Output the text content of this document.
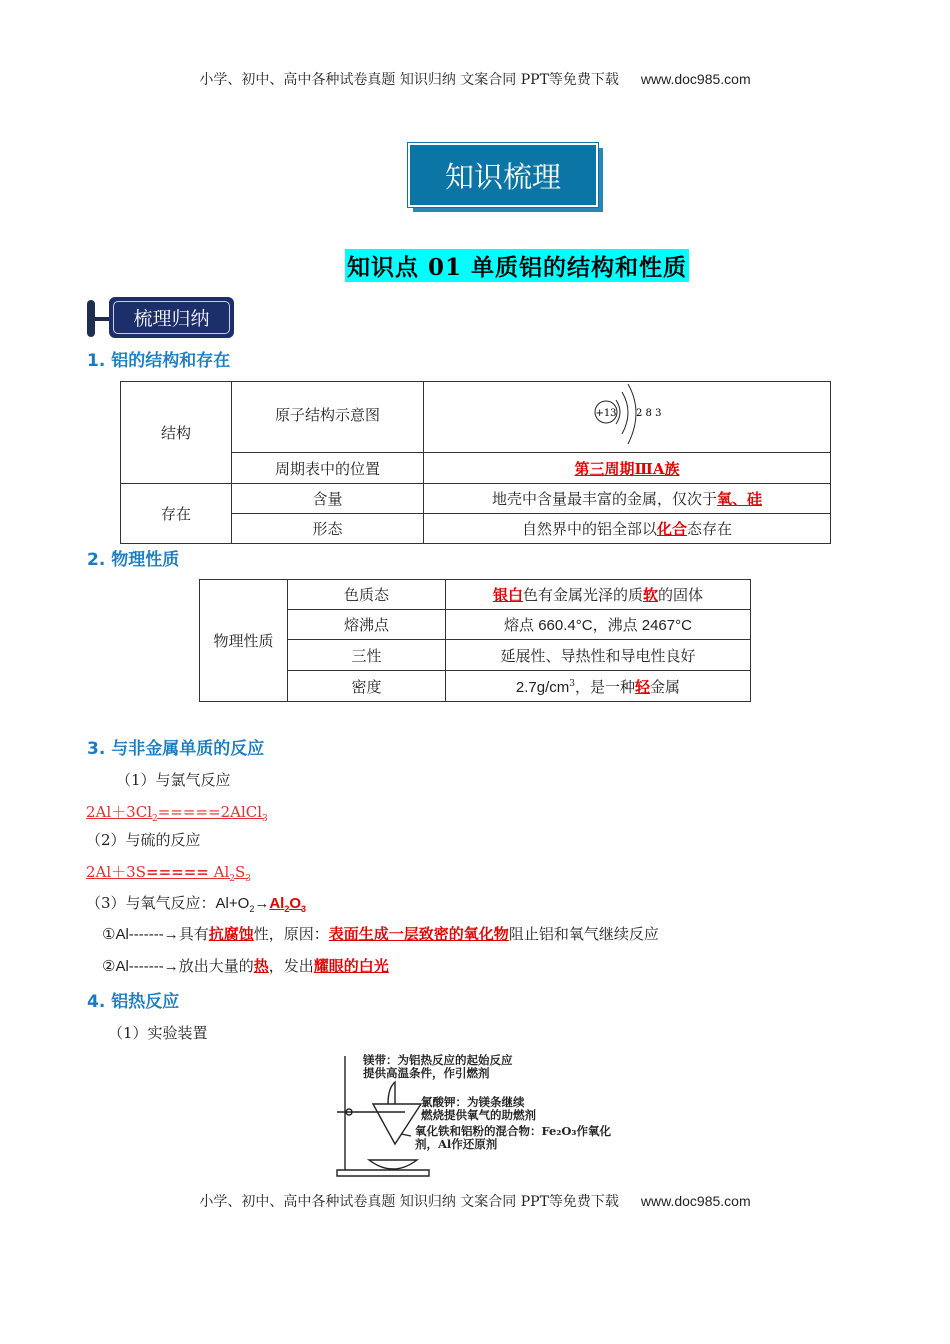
小学、初中、高中各种试卷真题 知识归纳 文案合同 PPT等免费下载 www.doc985.com
知识梳理
知识点 01 单质铝的结构和性质
梳理归纳
1. 铝的结构和存在
结构	原子结构示意图	+13 2 8 3

	周期表中的位置	第三周期ⅢA族
存在	含量	地壳中含量最丰富的金属，仅次于氧、硅
	形态	自然界中的铝全部以化合态存在
2. 物理性质
物理性质	色质态	银白色有金属光泽的质软的固体
	熔沸点	熔点 660.4°C，沸点 2467°C
	三性	延展性、导热性和导电性良好
	密度	$2.7g/cm^3$，是一种轻金属
3. 与非金属单质的反应
（1）与氯气反应
$2Al+3Cl_2=====2AlCl_3$
（2）与硫的反应
$2Al+3S===== Al_2S_3$
（3）与氧气反应：$Al+O_2\to Al_2O_3$
①Al-------→具有抗腐蚀性，原因：表面生成一层致密的氧化物阻止铝和氧气继续反应
②Al-------→放出大量的热，发出耀眼的白光
4. 铝热反应
（1）实验装置
镁带：为铝热反应的起始反应
提供高温条件，作引燃剂
氯酸钾：为镁条继续
燃烧提供氧气的助燃剂
氧化铁和铝粉的混合物：Fe₂O₃作氧化
剂，Al作还原剂
小学、初中、高中各种试卷真题 知识归纳 文案合同 PPT等免费下载 www.doc985.com
